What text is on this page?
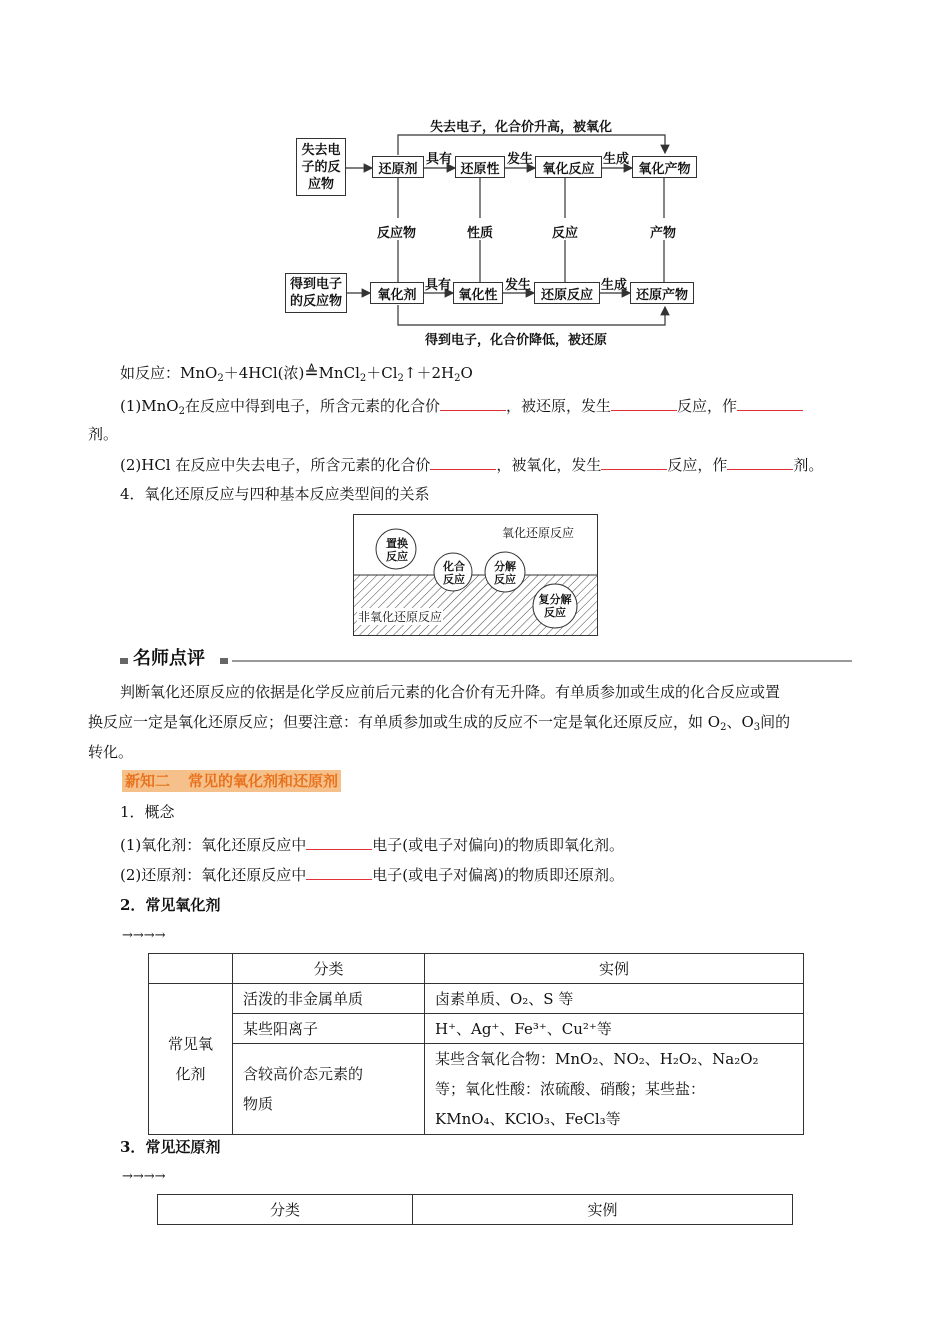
失去电子，化合价升高，被氧化
得到电子，化合价降低，被还原
失去电子的反应物
还原剂	还原性	氧化反应	氧化产物
具有	发生	生成
反应物	性质	反应	产物
得到电子的反应物	氧化剂	氧化性	还原反应	还原产物
具有	发生	生成
如反应：MnO$_2$＋4HCl(浓)$≜MnCl_2+Cl_2↑+2H_2O$
(1)MnO$_2$在反应中得到电子，所含元素的化合价	，被还原，发生	反应，作
剂。
(2)HCl 在反应中失去电子，所含元素的化合价	，被氧化，发生	反应，作	剂。
4．氧化还原反应与四种基本反应类型间的关系
氧化还原反应
非氧化还原反应
置换反应
化合反应
分解反应
复分解反应
名师点评
判断氧化还原反应的依据是化学反应前后元素的化合价有无升降。有单质参加或生成的化合反应或置
换反应一定是氧化还原反应；但要注意：有单质参加或生成的反应不一定是氧化还原反应，如 $O_2$、$O_3$间的
转化。
新知二 常见的氧化剂和还原剂
1．概念
(1)氧化剂：氧化还原反应中	电子(或电子对偏向)的物质即氧化剂。
(2)还原剂：氧化还原反应中	电子(或电子对偏离)的物质即还原剂。
2．常见氧化剂
→→→→
	分类	实例
常见氧化剂	活泼的非金属单质	卤素单质、O₂、S 等
	某些阳离子	H⁺、Ag⁺、Fe³⁺、Cu²⁺等
	含较高价态元素的物质	某些含氧化合物：MnO₂、NO₂、H₂O₂、Na₂O₂
等；氧化性酸：浓硫酸、硝酸；某些盐：
KMnO₄、KClO₃、FeCl₃等
3．常见还原剂
→→→→
分类	实例
